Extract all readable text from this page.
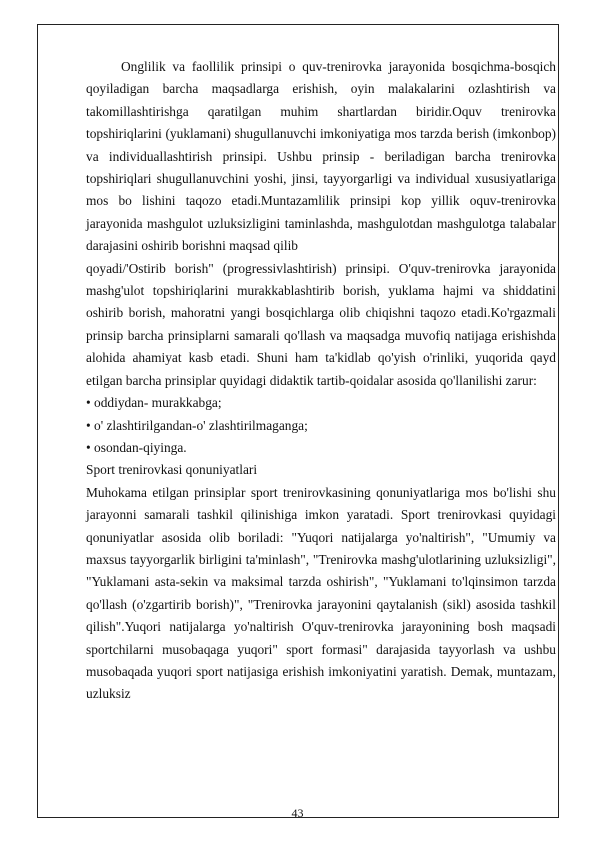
Onglilik va faollilik prinsipi o quv-trenirovka jarayonida bosqichma-bosqich qoyiladigan barcha maqsadlarga erishish, oyin malakalarini ozlashtirish va takomillashtirishga qaratilgan muhim shartlardan biridir.Oquv trenirovka topshiriqlarini (yuklamani) shugullanuvchi imkoniyatiga mos tarzda berish (imkonbop) va individuallashtirish prinsipi. Ushbu prinsip - beriladigan barcha trenirovka topshiriqlari shugullanuvchini yoshi, jinsi, tayyorgarligi va individual xususiyatlariga mos bo lishini taqozo etadi.Muntazamlilik prinsipi kop yillik oquv-trenirovka jarayonida mashgulot uzluksizligini taminlashda, mashgulotdan mashgulotga talabalar darajasini oshirib borishni maqsad qilib

qoyadi/'Ostirib borish" (progressivlashtirish) prinsipi. O'quv-trenirovka jarayonida mashg'ulot topshiriqlarini murakkablashtirib borish, yuklama hajmi va shiddatini oshirib borish, mahoratni yangi bosqichlarga olib chiqishni taqozo etadi.Ko'rgazmali prinsip barcha prinsiplarni samarali qo'llash va maqsadga muvofiq natijaga erishishda alohida ahamiyat kasb etadi. Shuni ham ta'kidlab qo'yish o'rinliki, yuqorida qayd etilgan barcha prinsiplar quyidagi didaktik tartib-qoidalar asosida qo'llanilishi zarur:

• oddiydan- murakkabga;

• o' zlashtirilgandan-o' zlashtirilmaganga;

• osondan-qiyinga.

Sport trenirovkasi qonuniyatlari

Muhokama etilgan prinsiplar sport trenirovkasining qonuniyatlariga mos bo'lishi shu jarayonni samarali tashkil qilinishiga imkon yaratadi. Sport trenirovkasi quyidagi qonuniyatlar asosida olib boriladi: "Yuqori natijalarga yo'naltirish", "Umumiy va maxsus tayyorgarlik birligini ta'minlash", "Trenirovka mashg'ulotlarining uzluksizligi", "Yuklamani asta-sekin va maksimal tarzda oshirish", "Yuklamani to'lqinsimon tarzda qo'llash (o'zgartirib borish)", "Trenirovka jarayonini qaytalanish (sikl) asosida tashkil qilish".Yuqori natijalarga yo'naltirish O'quv-trenirovka jarayonining bosh maqsadi sportchilarni musobaqaga yuqori" sport formasi" darajasida tayyorlash va ushbu musobaqada yuqori sport natijasiga erishish imkoniyatini yaratish. Demak, muntazam, uzluksiz

43
